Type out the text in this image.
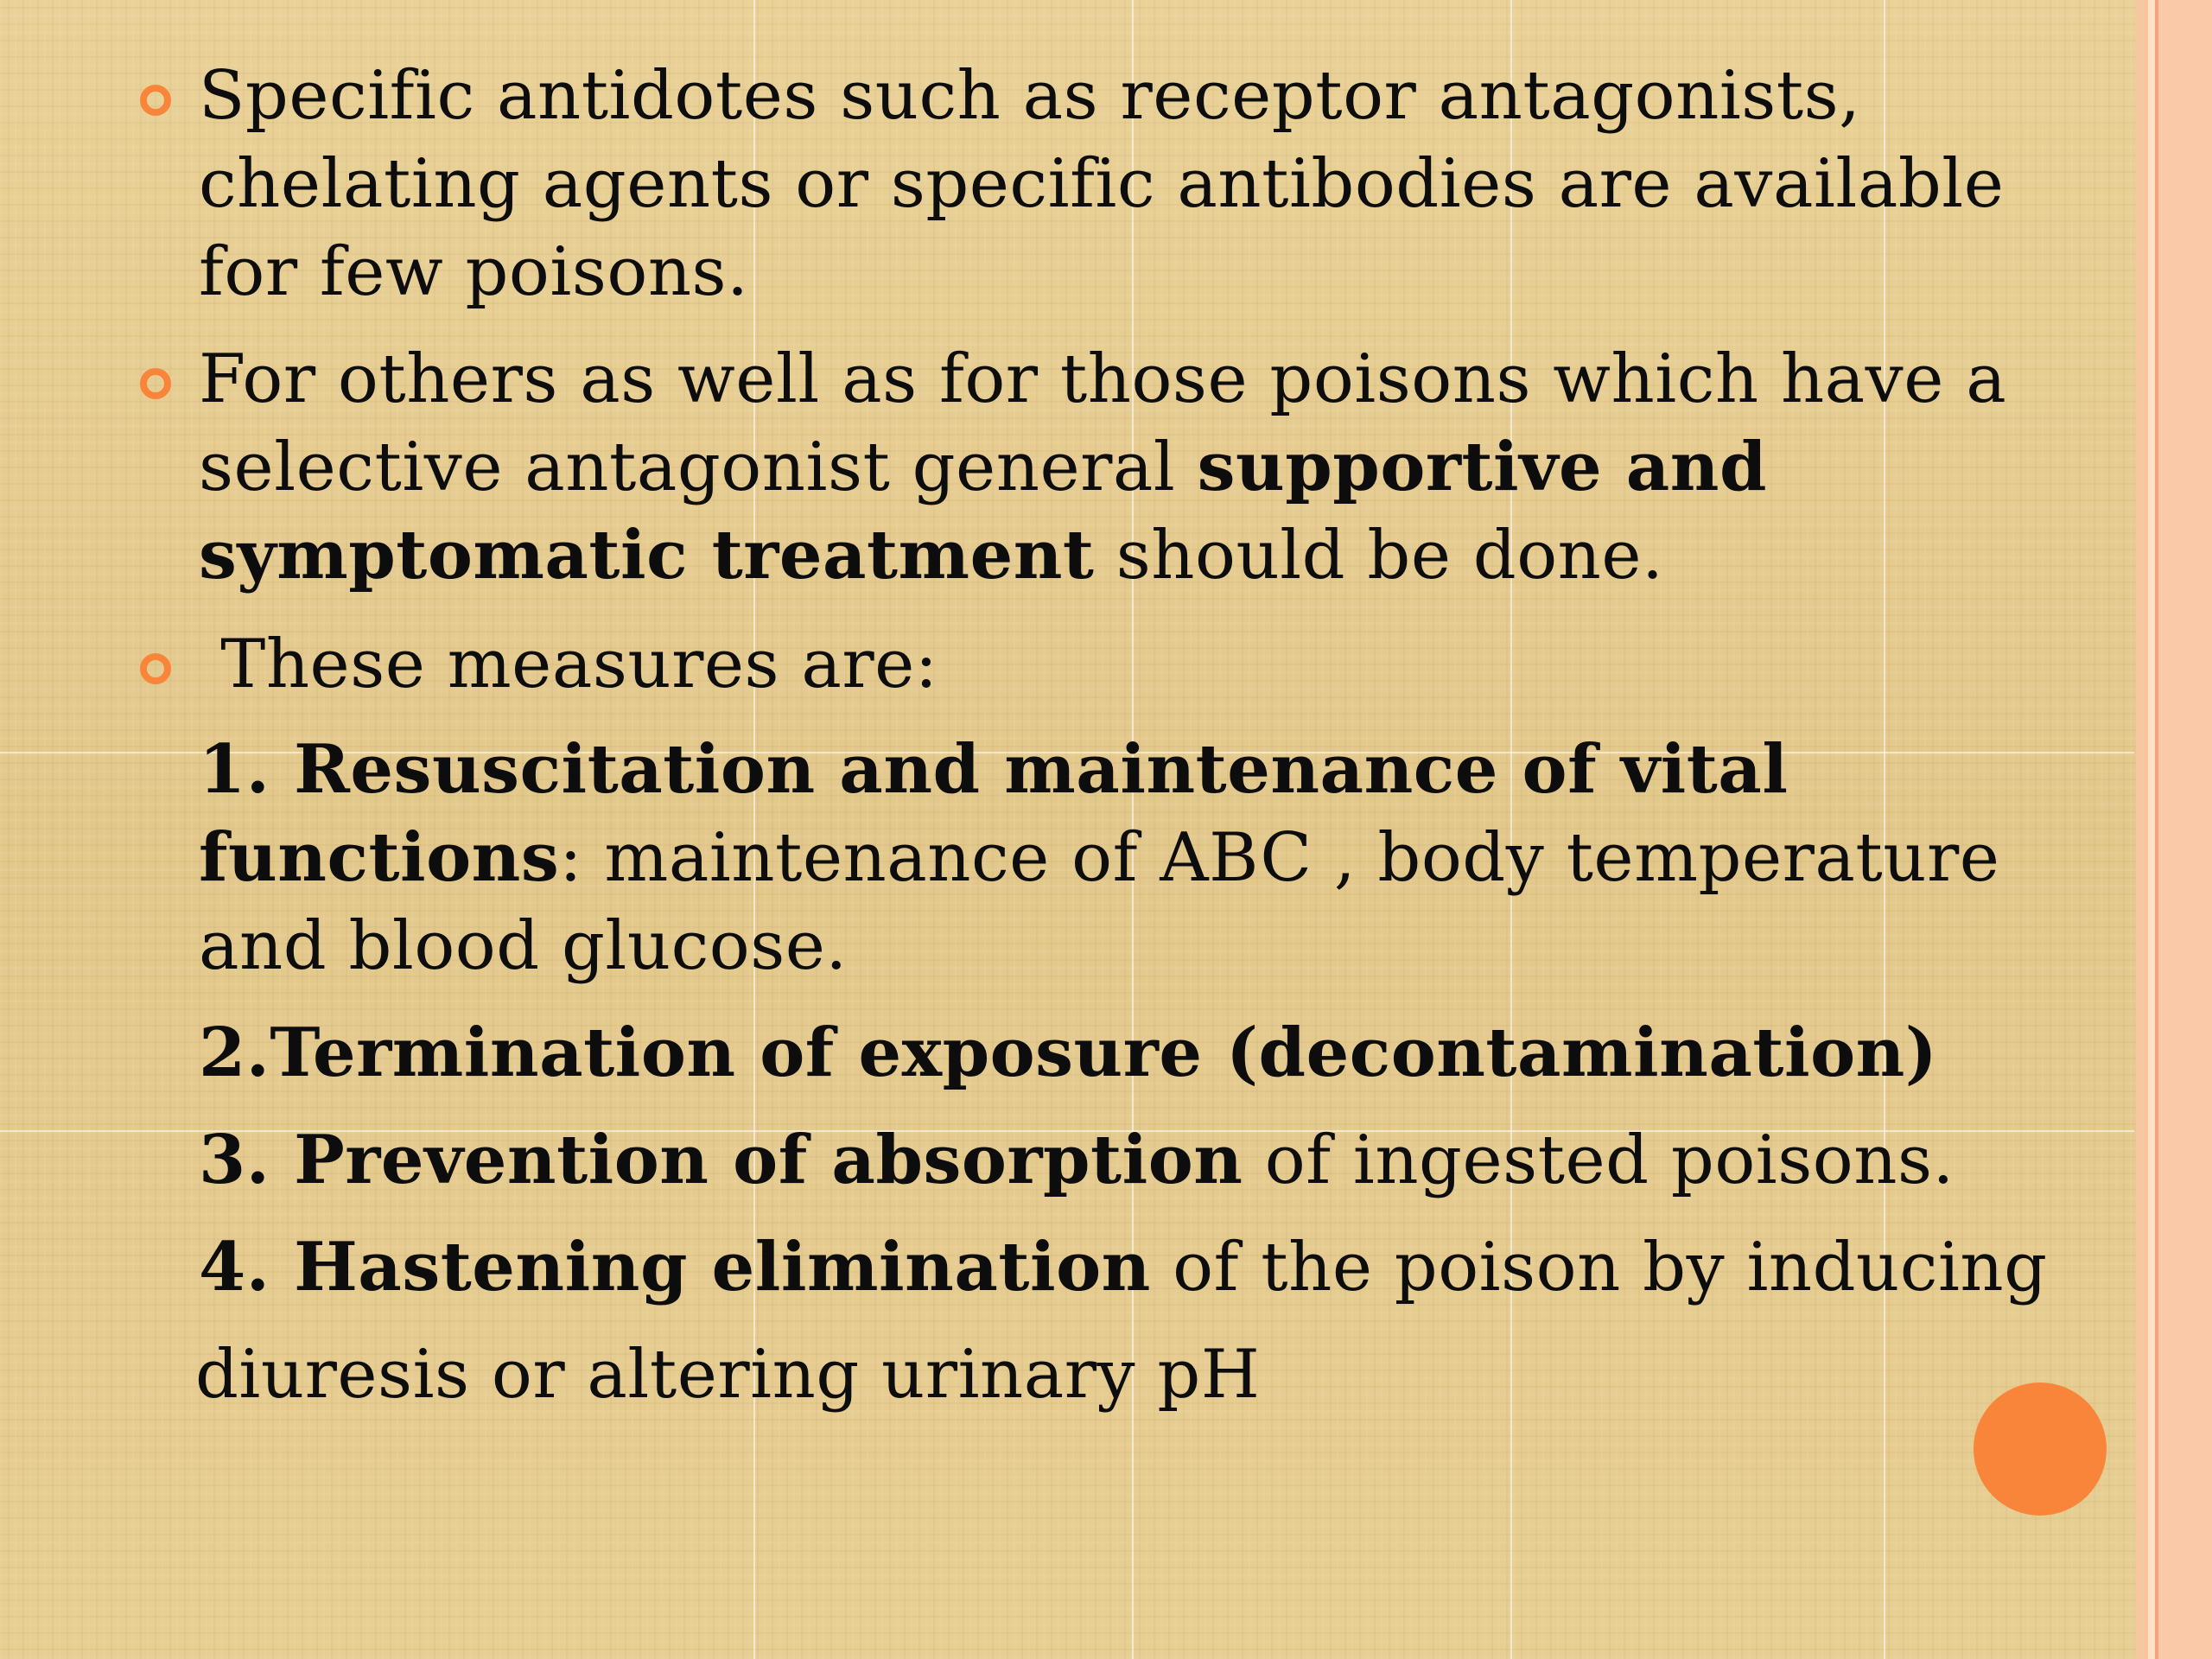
Specific antidotes such as receptor antagonists,
chelating agents or specific antibodies are available
for few poisons.
For others as well as for those poisons which have a
selective antagonist general supportive and
symptomatic treatment should be done.
These measures are:
1. Resuscitation and maintenance of vital
functions: maintenance of ABC , body temperature
and blood glucose.
2.Termination of exposure (decontamination)
3. Prevention of absorption of ingested poisons.
4. Hastening elimination of the poison by inducing
diuresis or altering urinary pH
